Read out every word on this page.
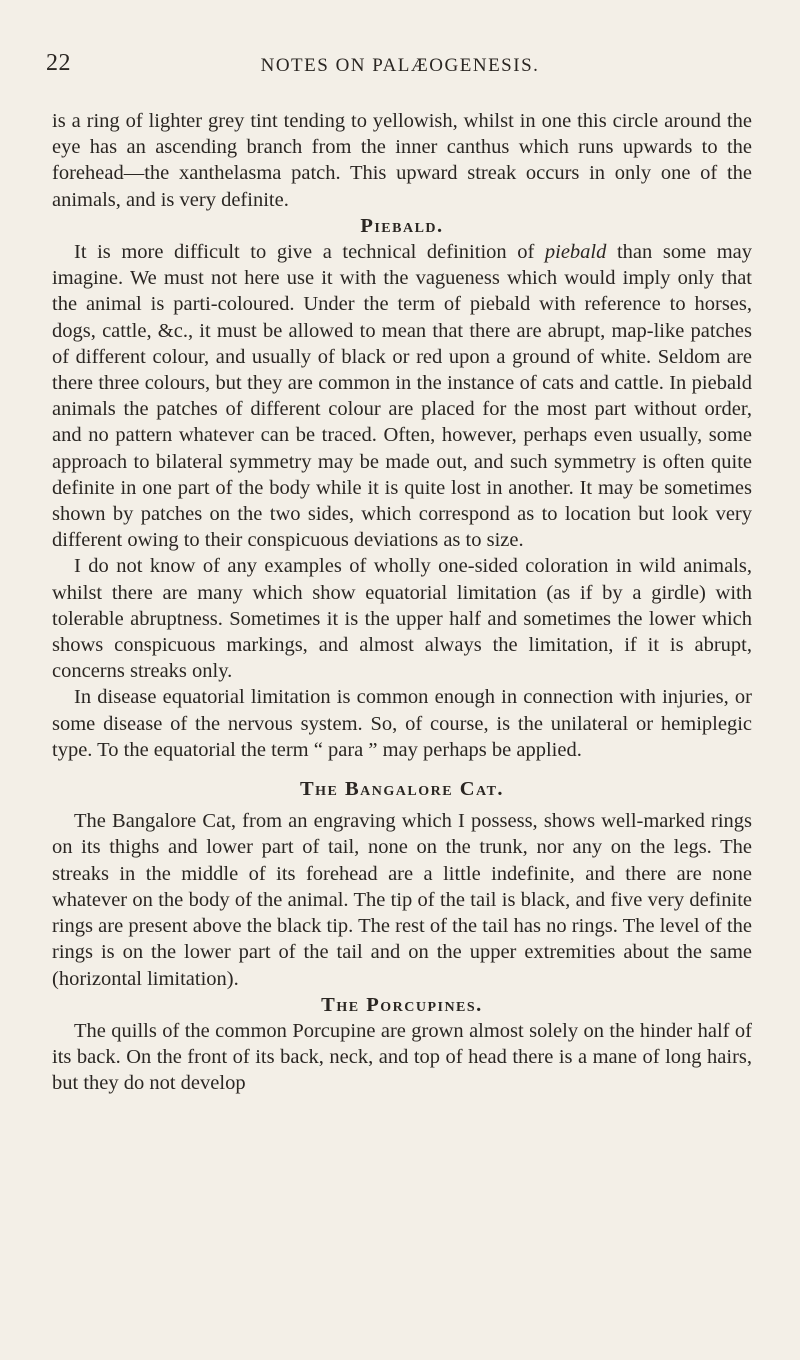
22	NOTES ON PALÆOGENESIS.

is a ring of lighter grey tint tending to yellowish, whilst in one this circle around the eye has an ascending branch from the inner canthus which runs upwards to the forehead—the xanthelasma patch. This upward streak occurs in only one of the animals, and is very definite.

Piebald.

It is more difficult to give a technical definition of piebald than some may imagine. We must not here use it with the vagueness which would imply only that the animal is parti-coloured. Under the term of piebald with reference to horses, dogs, cattle, &c., it must be allowed to mean that there are abrupt, map-like patches of different colour, and usually of black or red upon a ground of white. Seldom are there three colours, but they are common in the instance of cats and cattle. In piebald animals the patches of different colour are placed for the most part without order, and no pattern whatever can be traced. Often, however, perhaps even usually, some approach to bilateral symmetry may be made out, and such symmetry is often quite definite in one part of the body while it is quite lost in another. It may be sometimes shown by patches on the two sides, which correspond as to location but look very different owing to their conspicuous deviations as to size.

I do not know of any examples of wholly one-sided coloration in wild animals, whilst there are many which show equatorial limitation (as if by a girdle) with tolerable abruptness. Sometimes it is the upper half and sometimes the lower which shows conspicuous markings, and almost always the limitation, if it is abrupt, concerns streaks only.

In disease equatorial limitation is common enough in connection with injuries, or some disease of the nervous system. So, of course, is the unilateral or hemiplegic type. To the equatorial the term “ para ” may perhaps be applied.

The Bangalore Cat.

The Bangalore Cat, from an engraving which I possess, shows well-marked rings on its thighs and lower part of tail, none on the trunk, nor any on the legs. The streaks in the middle of its forehead are a little indefinite, and there are none whatever on the body of the animal. The tip of the tail is black, and five very definite rings are present above the black tip. The rest of the tail has no rings. The level of the rings is on the lower part of the tail and on the upper extremities about the same (horizontal limitation).

The Porcupines.

The quills of the common Porcupine are grown almost solely on the hinder half of its back. On the front of its back, neck, and top of head there is a mane of long hairs, but they do not develop
